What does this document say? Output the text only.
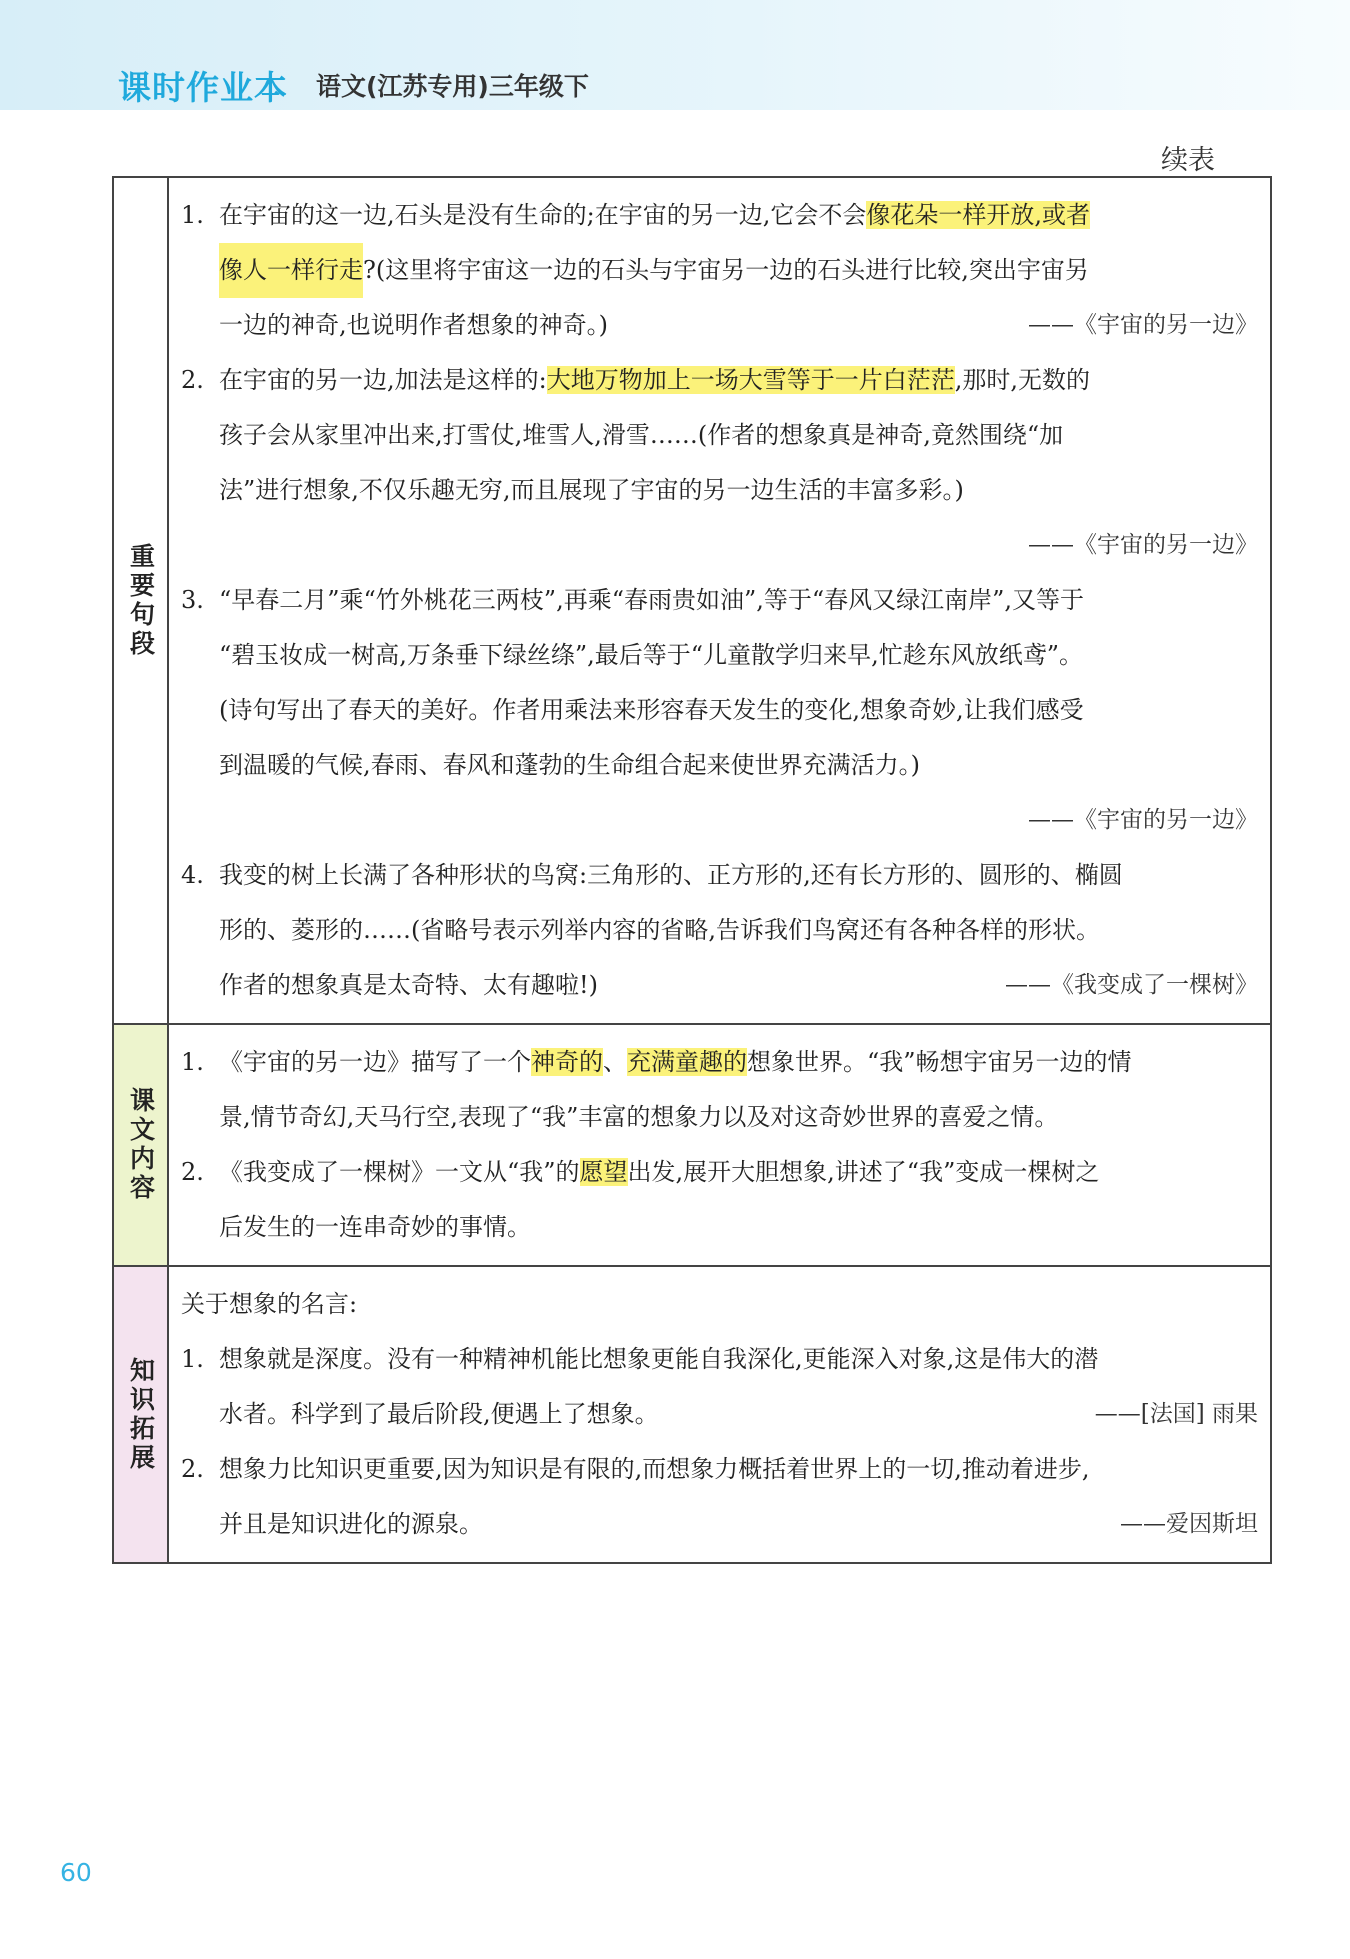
课时作业本 语文(江苏专用)三年级下
续表
重要句段
1. 在宇宙的这一边,石头是没有生命的;在宇宙的另一边,它会不会像花朵一样开放,或者
像人一样行走 ?(这里将宇宙这一边的石头与宇宙另一边的石头进行比较,突出宇宙另
一边的神奇,也说明作者想象的神奇。)	——《宇宙的另一边》
2. 在宇宙的另一边,加法是这样的:大地万物加上一场大雪等于一片白茫茫,那时,无数的
孩子会从家里冲出来,打雪仗,堆雪人,滑雪……(作者的想象真是神奇,竟然围绕“加
法”进行想象,不仅乐趣无穷,而且展现了宇宙的另一边生活的丰富多彩。)
——《宇宙的另一边》
3. “早春二月”乘“竹外桃花三两枝”,再乘“春雨贵如油”,等于“春风又绿江南岸”,又等于
“碧玉妆成一树高,万条垂下绿丝绦”,最后等于“儿童散学归来早,忙趁东风放纸鸢”。
(诗句写出了春天的美好。作者用乘法来形容春天发生的变化,想象奇妙,让我们感受
到温暖的气候,春雨、春风和蓬勃的生命组合起来使世界充满活力。)
——《宇宙的另一边》
4. 我变的树上长满了各种形状的鸟窝:三角形的、正方形的,还有长方形的、圆形的、椭圆
形的、菱形的……(省略号表示列举内容的省略,告诉我们鸟窝还有各种各样的形状。
作者的想象真是太奇特、太有趣啦!)	——《我变成了一棵树》
课文内容
1. 《宇宙的另一边》描写了一个神奇的、充满童趣的想象世界。“我”畅想宇宙另一边的情
景,情节奇幻,天马行空,表现了“我”丰富的想象力以及对这奇妙世界的喜爱之情。
2. 《我变成了一棵树》一文从“我”的愿望出发,展开大胆想象,讲述了“我”变成一棵树之
后发生的一连串奇妙的事情。
知识拓展
关于想象的名言:
1. 想象就是深度。没有一种精神机能比想象更能自我深化,更能深入对象,这是伟大的潜
水者。科学到了最后阶段,便遇上了想象。	——[法国] 雨果
2. 想象力比知识更重要,因为知识是有限的,而想象力概括着世界上的一切,推动着进步,
并且是知识进化的源泉。	——爱因斯坦
60
